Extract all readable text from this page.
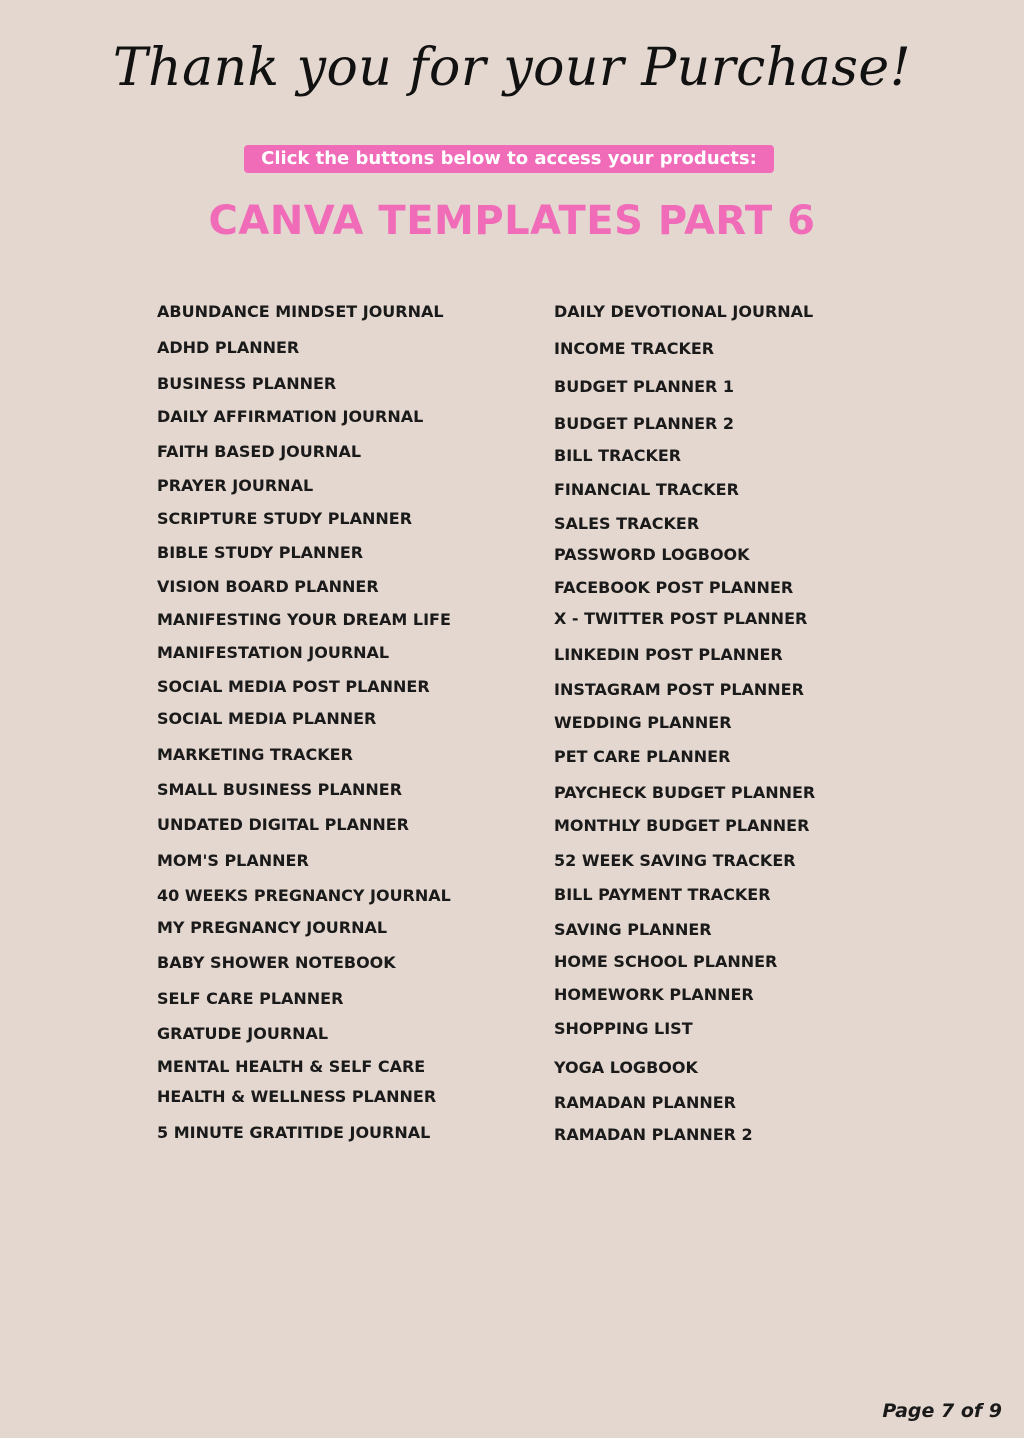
Thank you for your Purchase!
Click the buttons below to access your products:
CANVA TEMPLATES PART 6
ABUNDANCE MINDSET JOURNAL
ADHD PLANNER
BUSINESS PLANNER
DAILY AFFIRMATION JOURNAL
FAITH BASED JOURNAL
PRAYER JOURNAL
SCRIPTURE STUDY PLANNER
BIBLE STUDY PLANNER
VISION BOARD PLANNER
MANIFESTING YOUR DREAM LIFE
MANIFESTATION JOURNAL
SOCIAL MEDIA POST PLANNER
SOCIAL MEDIA PLANNER
MARKETING TRACKER
SMALL BUSINESS PLANNER
UNDATED DIGITAL PLANNER
MOM'S PLANNER
40 WEEKS PREGNANCY JOURNAL
MY PREGNANCY JOURNAL
BABY SHOWER NOTEBOOK
SELF CARE PLANNER
GRATUDE JOURNAL
MENTAL HEALTH & SELF CARE
HEALTH & WELLNESS PLANNER
5 MINUTE GRATITIDE JOURNAL
DAILY DEVOTIONAL JOURNAL
INCOME TRACKER
BUDGET PLANNER 1
BUDGET PLANNER 2
BILL TRACKER
FINANCIAL TRACKER
SALES TRACKER
PASSWORD LOGBOOK
FACEBOOK POST PLANNER
X - TWITTER POST PLANNER
LINKEDIN POST PLANNER
INSTAGRAM POST PLANNER
WEDDING PLANNER
PET CARE PLANNER
PAYCHECK BUDGET PLANNER
MONTHLY BUDGET PLANNER
52 WEEK SAVING TRACKER
BILL PAYMENT TRACKER
SAVING PLANNER
HOME SCHOOL PLANNER
HOMEWORK PLANNER
SHOPPING LIST
YOGA LOGBOOK
RAMADAN PLANNER
RAMADAN PLANNER 2
Page 7 of 9
